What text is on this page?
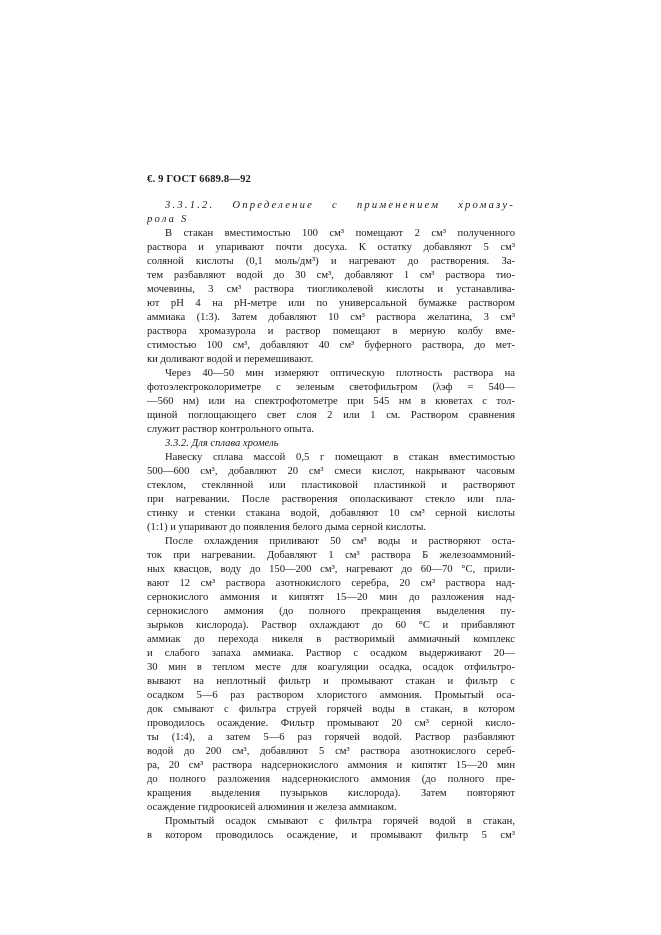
€. 9 ГОСТ 6689.8—92
3.3.1.2. Определение с применением хромазу-
рола S
В стакан вместимостью 100 см³ помещают 2 см³ полученного
раствора и упаривают почти досуха. К остатку добавляют 5 см³
соляной кислоты (0,1 моль/дм³) и нагревают до растворения. За-
тем разбавляют водой до 30 см³, добавляют 1 см³ раствора тио-
мочевины, 3 см³ раствора тиогликолевой кислоты и устанавлива-
ют pH 4 на pH-метре или по универсальной бумажке раствором
аммиака (1:3). Затем добавляют 10 см³ раствора желатина, 3 см³
раствора хромазурола и раствор помещают в мерную колбу вме-
стимостью 100 см³, добавляют 40 см³ буферного раствора, до мет-
ки доливают водой и перемешивают.
Через 40—50 мин измеряют оптическую плотность раствора на
фотоэлектроколориметре с зеленым светофильтром (λэф = 540—
—560 нм) или на спектрофотометре при 545 нм в кюветах с тол-
щиной поглощающего свет слоя 2 или 1 см. Раствором сравнения
служит раствор контрольного опыта.
3.3.2. Для сплава хромель
Навеску сплава массой 0,5 г помещают в стакан вместимостью
500—600 см³, добавляют 20 см³ смеси кислот, накрывают часовым
стеклом, стеклянной или пластиковой пластинкой и растворяют
при нагревании. После растворения ополаскивают стекло или пла-
стинку и стенки стакана водой, добавляют 10 см³ серной кислоты
(1:1) и упаривают до появления белого дыма серной кислоты.
После охлаждения приливают 50 см³ воды и растворяют остa-
ток при нагревании. Добавляют 1 см³ раствора Б железоаммоний-
ных квасцов, воду до 150—200 см³, нагревают до 60—70 °С, прили-
вают 12 см³ раствора азотнокислого серебра, 20 см³ раствора над-
сернокислого аммония и кипятят 15—20 мин до разложения над-
сернокислого аммония (до полного прекращения выделения пу-
зырьков кислорода). Раствор охлаждают до 60 °С и прибавляют
аммиак до перехода никеля в растворимый аммиачный комплекс
и слабого запаха аммиака. Раствор с осадком выдерживают 20—
30 мин в теплом месте для коагуляции осадка, осадок отфильтро-
вывают на неплотный фильтр и промывают стакан и фильтр с
осадком 5—6 раз раствором хлористого аммония. Промытый оса-
док смывают с фильтра струей горячей воды в стакан, в котором
проводилось осаждение. Фильтр промывают 20 см³ серной кисло-
ты (1:4), а затем 5—6 раз горячей водой. Раствор разбавляют
водой до 200 см³, добавляют 5 см³ раствора азотнокислого сереб-
ра, 20 см³ раствора надсернокислого аммония и кипятят 15—20 мин
до полного разложения надсернокислого аммония (до полного пре-
кращения выделения пузырьков кислорода). Затем повторяют
осаждение гидроокисей алюминия и железа аммиаком.
Промытый осадок смывают с фильтра горячей водой в стакан,
в котором проводилось осаждение, и промывают фильтр 5 см³
